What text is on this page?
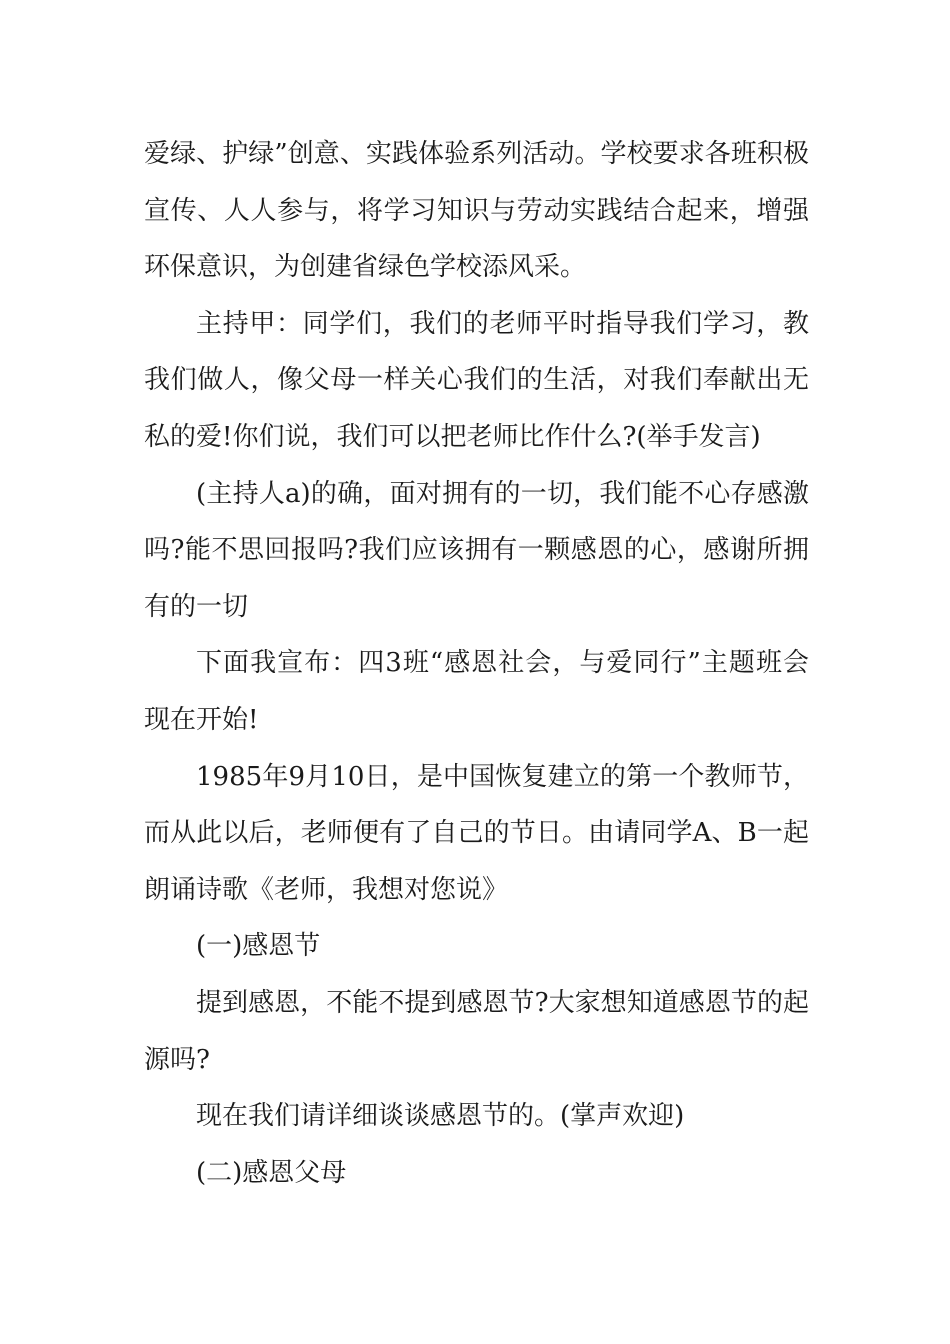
爱绿、护绿”创意、实践体验系列活动。学校要求各班积极宣传、人人参与，将学习知识与劳动实践结合起来，增强环保意识，为创建省绿色学校添风采。

主持甲：同学们，我们的老师平时指导我们学习，教我们做人，像父母一样关心我们的生活，对我们奉献出无私的爱!你们说，我们可以把老师比作什么?(举手发言)

(主持人a)的确，面对拥有的一切，我们能不心存感激吗?能不思回报吗?我们应该拥有一颗感恩的心，感谢所拥有的一切

下面我宣布：四3班“感恩社会，与爱同行”主题班会现在开始!

1985年9月10日，是中国恢复建立的第一个教师节，而从此以后，老师便有了自己的节日。由请同学A、B一起朗诵诗歌《老师，我想对您说》

(一)感恩节

提到感恩，不能不提到感恩节?大家想知道感恩节的起源吗?

现在我们请详细谈谈感恩节的。(掌声欢迎)

(二)感恩父母
